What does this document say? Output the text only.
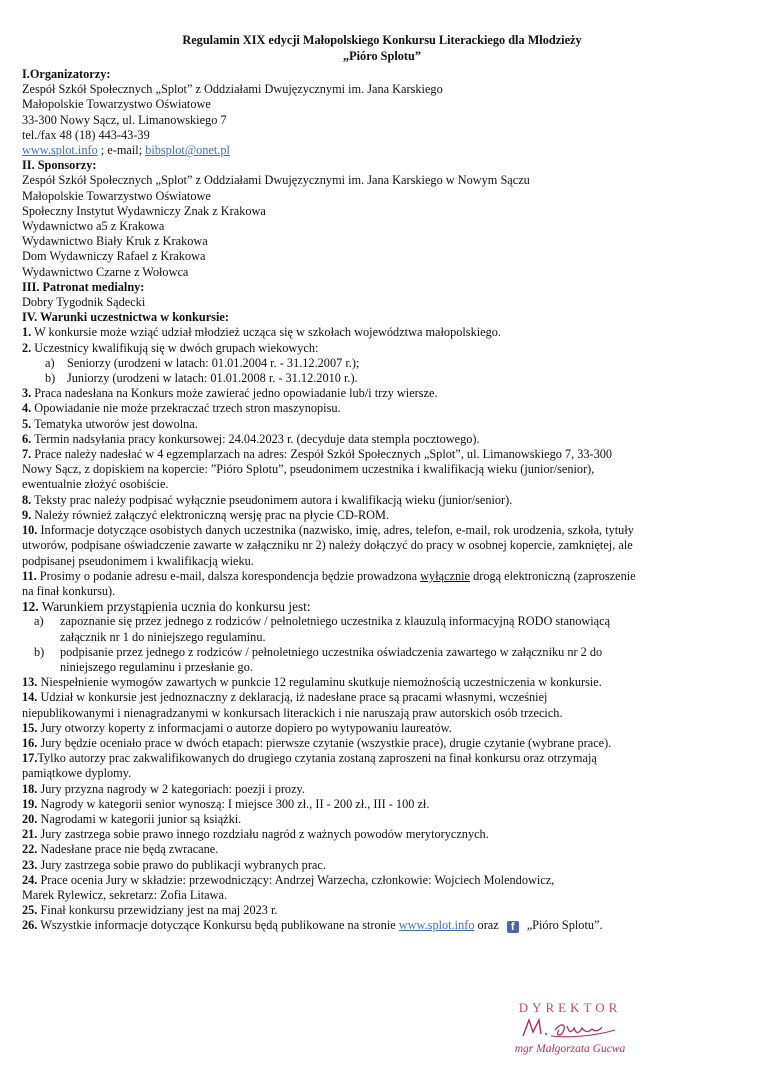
Regulamin XIX edycji Małopolskiego Konkursu Literackiego dla Młodzieży
„Pióro Splotu”
I.Organizatorzy:
Zespół Szkół Społecznych „Splot” z Oddziałami Dwujęzycznymi im. Jana Karskiego
Małopolskie Towarzystwo Oświatowe
33-300 Nowy Sącz, ul. Limanowskiego 7
tel./fax 48 (18) 443-43-39
www.splot.info ; e-mail; bibsplot@onet.pl
II. Sponsorzy:
Zespół Szkół Społecznych „Splot” z Oddziałami Dwujęzycznymi im. Jana Karskiego w Nowym Sączu
Małopolskie Towarzystwo Oświatowe
Społeczny Instytut Wydawniczy Znak z Krakowa
Wydawnictwo a5 z Krakowa
Wydawnictwo Biały Kruk z Krakowa
Dom Wydawniczy Rafael z Krakowa
Wydawnictwo Czarne z Wołowca
III. Patronat medialny:
Dobry Tygodnik Sądecki
IV. Warunki uczestnictwa w konkursie:
1. W konkursie może wziąć udział młodzież ucząca się w szkołach województwa małopolskiego.
2. Uczestnicy kwalifikują się w dwóch grupach wiekowych:
a)	Seniorzy (urodzeni w latach: 01.01.2004 r. - 31.12.2007 r.);
b) Juniorzy (urodzeni w latach: 01.01.2008 r. - 31.12.2010 r.).
3. Praca nadesłana na Konkurs może zawierać jedno opowiadanie lub/i trzy wiersze.
4. Opowiadanie nie może przekraczać trzech stron maszynopisu.
5. Tematyka utworów jest dowolna.
6. Termin nadsyłania pracy konkursowej: 24.04.2023 r. (decyduje data stempla pocztowego).
7. Prace należy nadesłać w 4 egzemplarzach na adres: Zespół Szkół Społecznych „Splot”, ul. Limanowskiego 7, 33-300
Nowy Sącz, z dopiskiem na kopercie: ”Pióro Splotu”, pseudonimem uczestnika i kwalifikacją wieku (junior/senior),
ewentualnie złożyć osobiście.
8. Teksty prac należy podpisać wyłącznie pseudonimem autora i kwalifikacją wieku (junior/senior).
9. Należy również załączyć elektroniczną wersję prac na płycie CD-ROM.
10. Informacje dotyczące osobistych danych uczestnika (nazwisko, imię, adres, telefon, e-mail, rok urodzenia, szkoła, tytuły
utworów, podpisane oświadczenie zawarte w załączniku nr 2) należy dołączyć do pracy w osobnej kopercie, zamkniętej, ale
podpisanej pseudonimem i kwalifikacją wieku.
11. Prosimy o podanie adresu e-mail, dalsza korespondencja będzie prowadzona wyłącznie drogą elektroniczną (zaproszenie
na finał konkursu).
12. Warunkiem przystąpienia ucznia do konkursu jest:
a)	zapoznanie się przez jednego z rodziców / pełnoletniego uczestnika z klauzulą informacyjną RODO stanowiącą
załącznik nr 1 do niniejszego regulaminu.
b)	podpisanie przez jednego z rodziców / pełnoletniego uczestnika oświadczenia zawartego w załączniku nr 2 do
niniejszego regulaminu i przesłanie go.
13. Niespełnienie wymogów zawartych w punkcie 12 regulaminu skutkuje niemożnością uczestniczenia w konkursie.
14. Udział w konkursie jest jednoznaczny z deklaracją, iż nadesłane prace są pracami własnymi, wcześniej
niepublikowanymi i nienagradzanymi w konkursach literackich i nie naruszają praw autorskich osób trzecich.
15. Jury otworzy koperty z informacjami o autorze dopiero po wytypowaniu laureatów.
16. Jury będzie oceniało prace w dwóch etapach: pierwsze czytanie (wszystkie prace), drugie czytanie (wybrane prace).
17.Tylko autorzy prac zakwalifikowanych do drugiego czytania zostaną zaproszeni na finał konkursu oraz otrzymają
pamiątkowe dyplomy.
18. Jury przyzna nagrody w 2 kategoriach: poezji i prozy.
19. Nagrody w kategorii senior wynoszą: I miejsce 300 zł., II - 200 zł., III - 100 zł.
20. Nagrodami w kategorii junior są książki.
21. Jury zastrzega sobie prawo innego rozdziału nagród z ważnych powodów merytorycznych.
22. Nadesłane prace nie będą zwracane.
23. Jury zastrzega sobie prawo do publikacji wybranych prac.
24. Prace ocenia Jury w składzie: przewodniczący: Andrzej Warzecha, członkowie: Wojciech Molendowicz,
Marek Rylewicz, sekretarz: Zofia Litawa.
25. Finał konkursu przewidziany jest na maj 2023 r.
26. Wszystkie informacje dotyczące Konkursu będą publikowane na stronie www.splot.info oraz f „Pióro Splotu”.
DYREKTOR
mgr Małgorzata Gucwa
